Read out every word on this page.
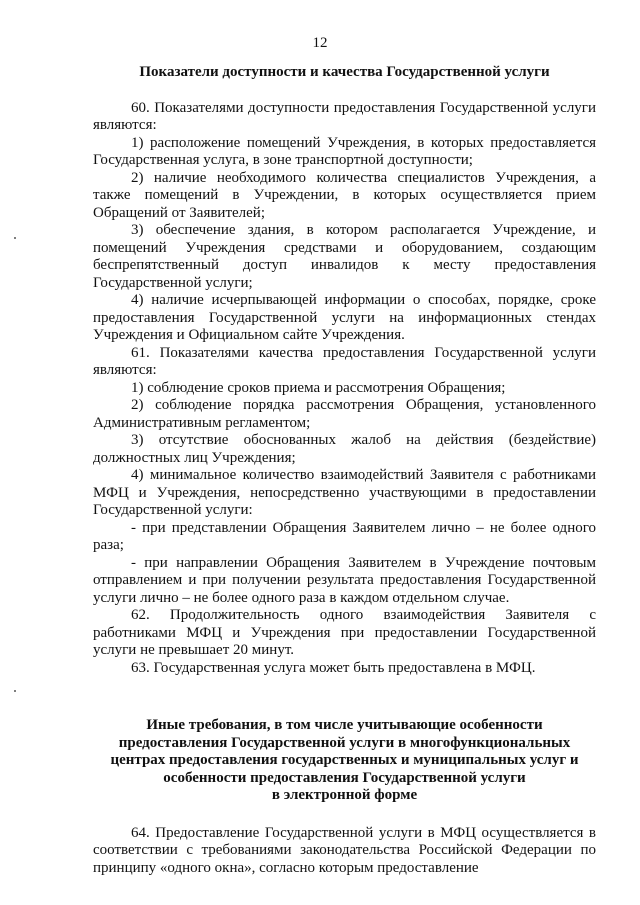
12

Показатели доступности и качества Государственной услуги

60. Показателями доступности предоставления Государственной услуги являются:

1) расположение помещений Учреждения, в которых предоставляется Государственная услуга, в зоне транспортной доступности;

2) наличие необходимого количества специалистов Учреждения, а также помещений в Учреждении, в которых осуществляется прием Обращений от Заявителей;

3) обеспечение здания, в котором располагается Учреждение, и помещений Учреждения средствами и оборудованием, создающим беспрепятственный доступ инвалидов к месту предоставления Государственной услуги;

4) наличие исчерпывающей информации о способах, порядке, сроке предоставления Государственной услуги на информационных стендах Учреждения и Официальном сайте Учреждения.

61. Показателями качества предоставления Государственной услуги являются:

1) соблюдение сроков приема и рассмотрения Обращения;

2) соблюдение порядка рассмотрения Обращения, установленного Административным регламентом;

3) отсутствие обоснованных жалоб на действия (бездействие) должностных лиц Учреждения;

4) минимальное количество взаимодействий Заявителя с работниками МФЦ и Учреждения, непосредственно участвующими в предоставлении Государственной услуги:

- при представлении Обращения Заявителем лично – не более одного раза;

- при направлении Обращения Заявителем в Учреждение почтовым отправлением и при получении результата предоставления Государственной услуги лично – не более одного раза в каждом отдельном случае.

62. Продолжительность одного взаимодействия Заявителя с работниками МФЦ и Учреждения при предоставлении Государственной услуги не превышает 20 минут.

63. Государственная услуга может быть предоставлена в МФЦ.

Иные требования, в том числе учитывающие особенности
предоставления Государственной услуги в многофункциональных
центрах предоставления государственных и муниципальных услуг и
особенности предоставления Государственной услуги
в электронной форме

64. Предоставление Государственной услуги в МФЦ осуществляется в соответствии с требованиями законодательства Российской Федерации по принципу «одного окна», согласно которым предоставление
